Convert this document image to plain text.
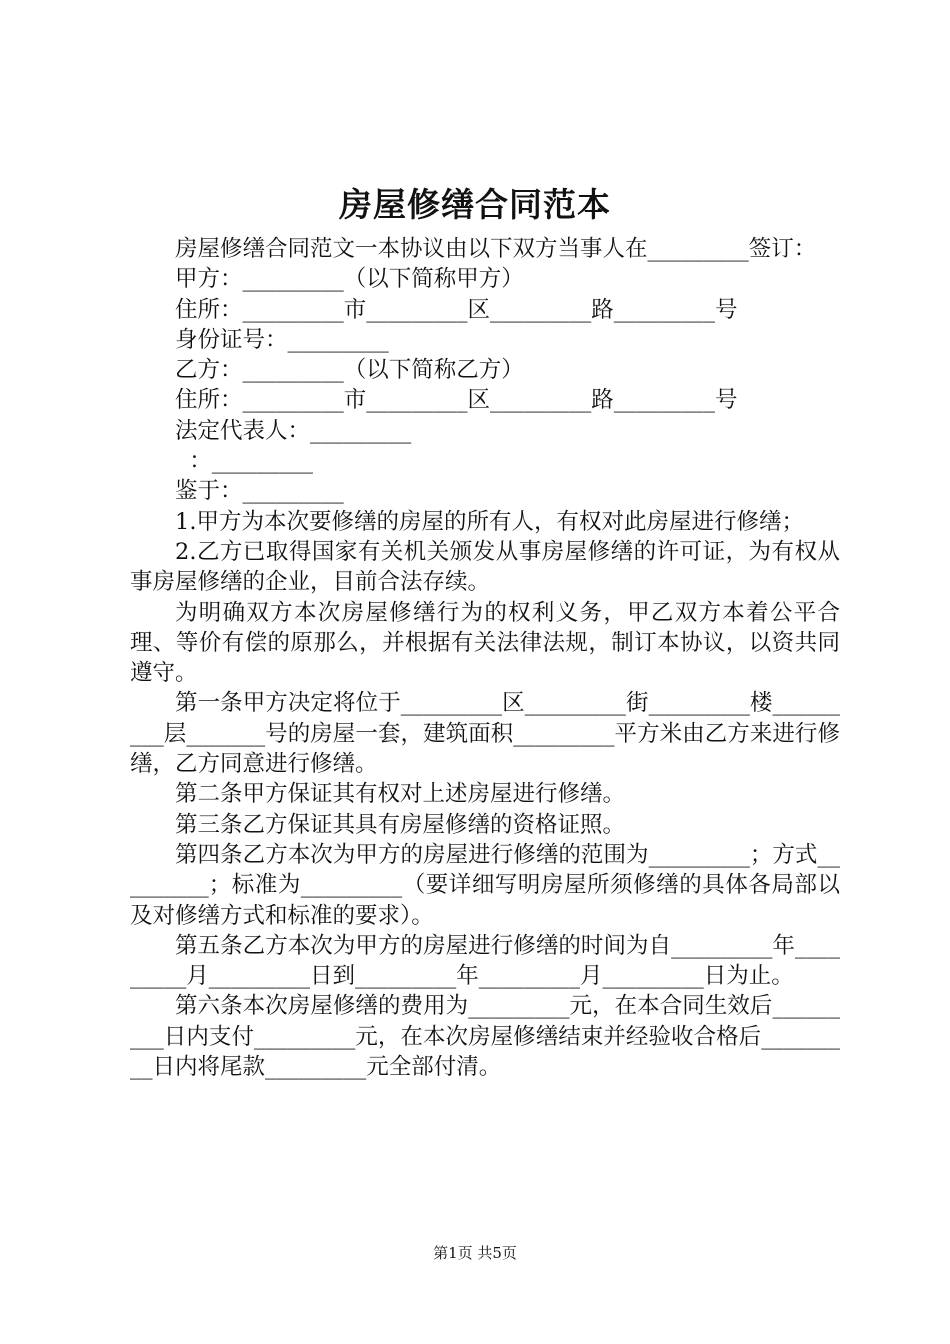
房屋修缮合同范本

房屋修缮合同范文一本协议由以下双方当事人在_________签订：

甲方：_________（以下简称甲方）

住所：_________市_________区_________路_________号

身份证号：_________

乙方：_________（以下简称乙方）

住所：_________市_________区_________路_________号

法定代表人：_________

：_________

鉴于：_________

1.甲方为本次要修缮的房屋的所有人，有权对此房屋进行修缮；

2.乙方已取得国家有关机关颁发从事房屋修缮的许可证，为有权从事房屋修缮的企业，目前合法存续。

为明确双方本次房屋修缮行为的权利义务，甲乙双方本着公平合理、等价有偿的原那么，并根据有关法律法规，制订本协议，以资共同遵守。

第一条甲方决定将位于_________区_________街_________楼_________层_______号的房屋一套，建筑面积_________平方米由乙方来进行修缮，乙方同意进行修缮。

第二条甲方保证其有权对上述房屋进行修缮。

第三条乙方保证其具有房屋修缮的资格证照。

第四条乙方本次为甲方的房屋进行修缮的范围为_________；方式_________；标准为_________（要详细写明房屋所须修缮的具体各局部以及对修缮方式和标准的要求）。

第五条乙方本次为甲方的房屋进行修缮的时间为自_________年_________月_________日到_________年_________月_________日为止。

第六条本次房屋修缮的费用为_________元，在本合同生效后_________日内支付_________元，在本次房屋修缮结束并经验收合格后_________日内将尾款_________元全部付清。

第1页 共5页
